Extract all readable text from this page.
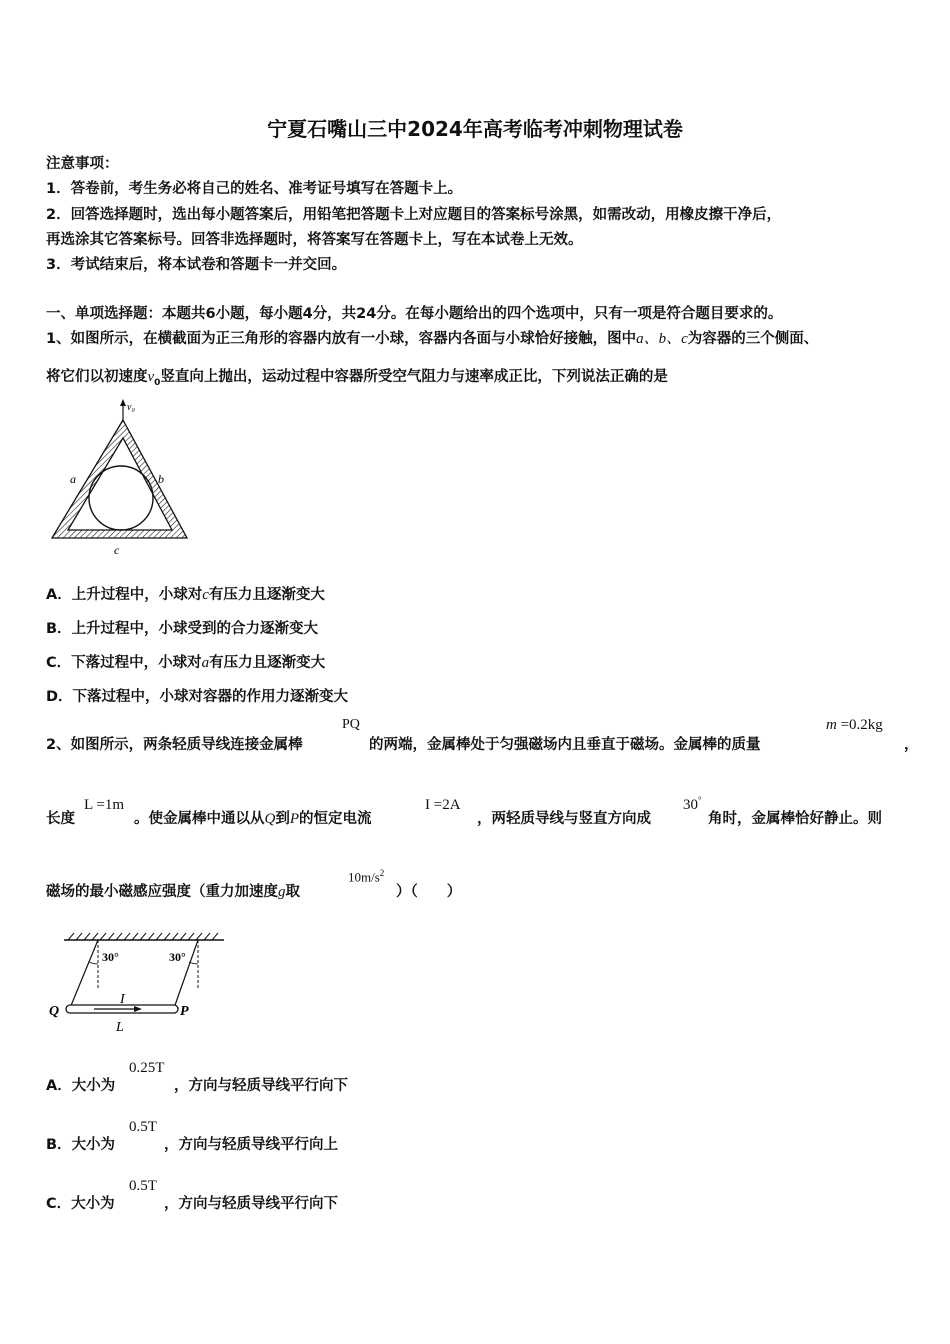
宁夏石嘴山三中2024年高考临考冲刺物理试卷
注意事项：
1．答卷前，考生务必将自己的姓名、准考证号填写在答题卡上。
2．回答选择题时，选出每小题答案后，用铅笔把答题卡上对应题目的答案标号涂黑，如需改动，用橡皮擦干净后，
再选涂其它答案标号。回答非选择题时，将答案写在答题卡上，写在本试卷上无效。
3．考试结束后，将本试卷和答题卡一并交回。
一、单项选择题：本题共6小题，每小题4分，共24分。在每小题给出的四个选项中，只有一项是符合题目要求的。
1、如图所示，在横截面为正三角形的容器内放有一小球，容器内各面与小球恰好接触，图中a、b、c为容器的三个侧面、
将它们以初速度$v_0$竖直向上抛出，运动过程中容器所受空气阻力与速率成正比，下列说法正确的是
v₀
a	b
c
A．上升过程中，小球对c有压力且逐渐变大
B．上升过程中，小球受到的合力逐渐变大
C．下落过程中，小球对a有压力且逐渐变大
D．下落过程中，小球对容器的作用力逐渐变大
2、如图所示，两条轻质导线连接金属棒
PQ
的两端，金属棒处于匀强磁场内且垂直于磁场。金属棒的质量
m =0.2kg
，
长度
L =1m
。使金属棒中通以从Q到P的恒定电流
I =2A
，两轻质导线与竖直方向成
30°
角时，金属棒恰好静止。则
磁场的最小磁感应强度（重力加速度g取
$10m/s^2$
）（　　）
30°	30°
I
Q	P
L
A．大小为
0.25T
，方向与轻质导线平行向下
B．大小为
0.5T
，方向与轻质导线平行向上
C．大小为
0.5T
，方向与轻质导线平行向下
